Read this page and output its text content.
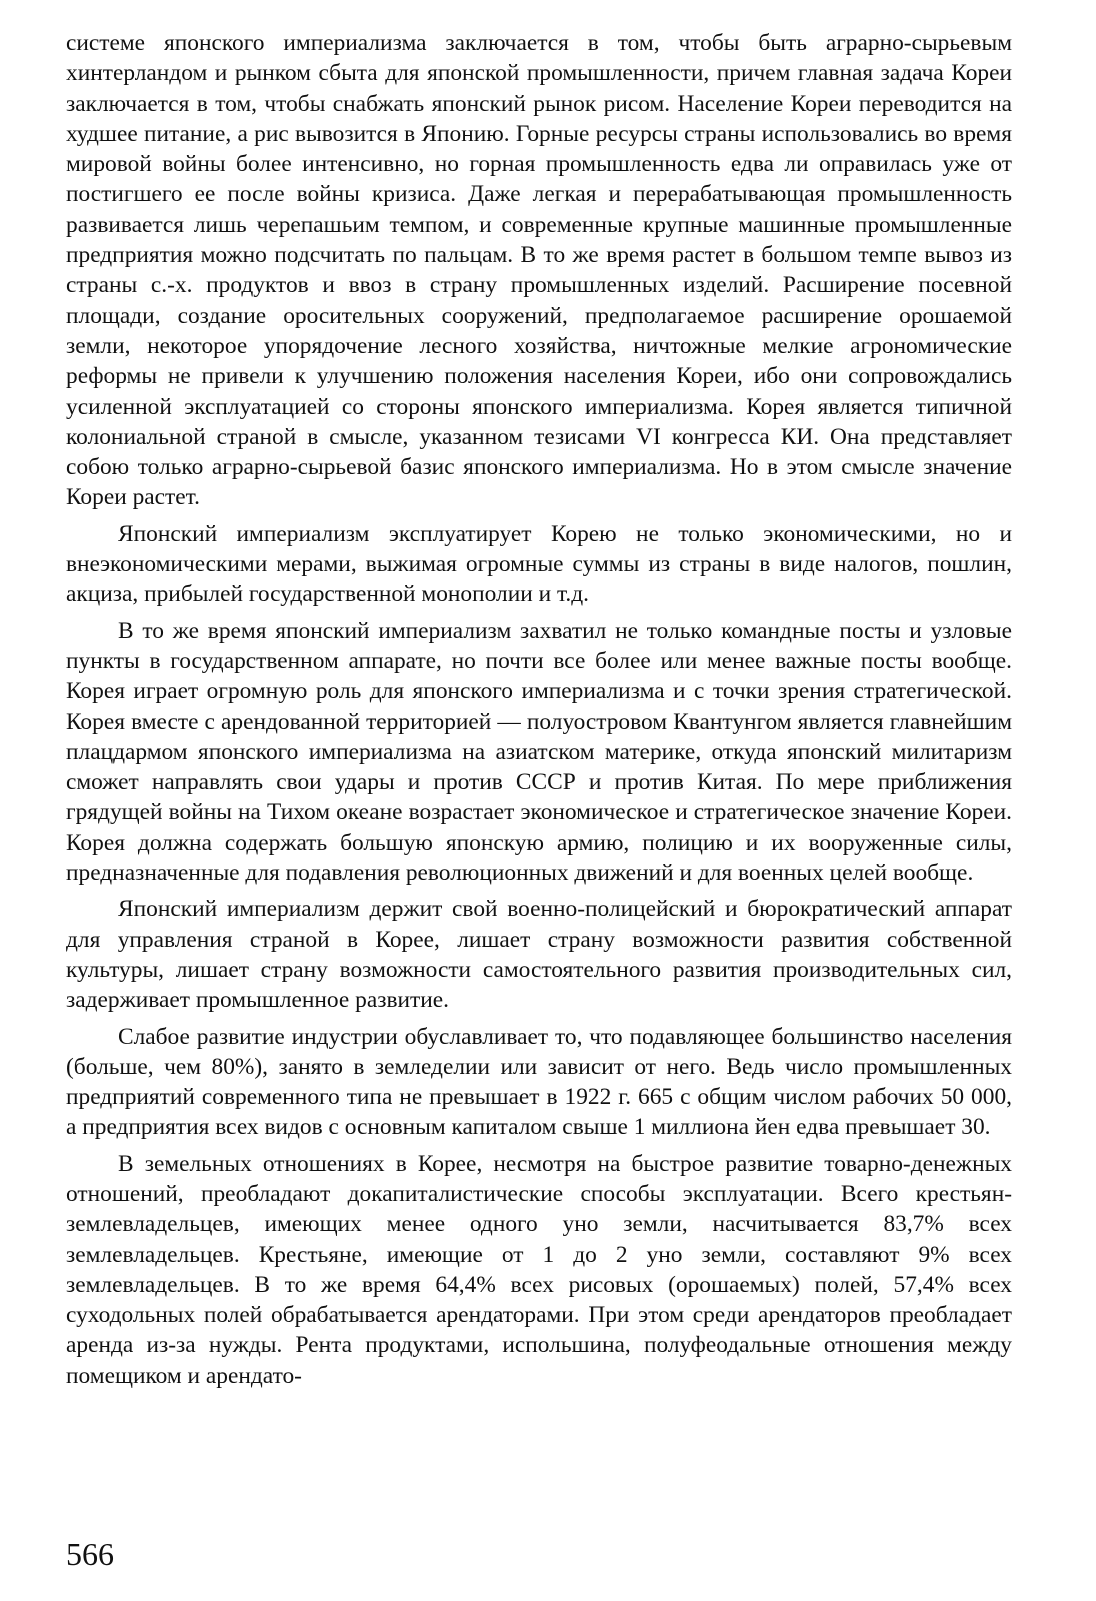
системе японского империализма заключается в том, чтобы быть аграрно-сырьевым хинтерландом и рынком сбыта для японской промышленности, причем главная задача Кореи заключается в том, чтобы снабжать японский рынок рисом. Население Кореи переводится на худшее питание, а рис вывозится в Японию. Горные ресурсы страны использовались во время мировой войны более интенсивно, но горная промышленность едва ли оправилась уже от постигшего ее после войны кризиса. Даже легкая и перерабатывающая промышленность развивается лишь черепашьим темпом, и современные крупные машинные промышленные предприятия можно подсчитать по пальцам. В то же время растет в большом темпе вывоз из страны с.-х. продуктов и ввоз в страну промышленных изделий. Расширение посевной площади, создание оросительных сооружений, предполагаемое расширение орошаемой земли, некоторое упорядочение лесного хозяйства, ничтожные мелкие агрономические реформы не привели к улучшению положения населения Кореи, ибо они сопровождались усиленной эксплуатацией со стороны японского империализма. Корея является типичной колониальной страной в смысле, указанном тезисами VI конгресса КИ. Она представляет собою только аграрно-сырьевой базис японского империализма. Но в этом смысле значение Кореи растет.

Японский империализм эксплуатирует Корею не только экономическими, но и внеэкономическими мерами, выжимая огромные суммы из страны в виде налогов, пошлин, акциза, прибылей государственной монополии и т.д.

В то же время японский империализм захватил не только командные посты и узловые пункты в государственном аппарате, но почти все более или менее важные посты вообще. Корея играет огромную роль для японского империализма и с точки зрения стратегической. Корея вместе с арендованной территорией — полуостровом Квантунгом является главнейшим плацдармом японского империализма на азиатском материке, откуда японский милитаризм сможет направлять свои удары и против СССР и против Китая. По мере приближения грядущей войны на Тихом океане возрастает экономическое и стратегическое значение Кореи. Корея должна содержать большую японскую армию, полицию и их вооруженные силы, предназначенные для подавления революционных движений и для военных целей вообще.

Японский империализм держит свой военно-полицейский и бюрократический аппарат для управления страной в Корее, лишает страну возможности развития собственной культуры, лишает страну возможности самостоятельного развития производительных сил, задерживает промышленное развитие.

Слабое развитие индустрии обуславливает то, что подавляющее большинство населения (больше, чем 80%), занято в земледелии или зависит от него. Ведь число промышленных предприятий современного типа не превышает в 1922 г. 665 с общим числом рабочих 50 000, а предприятия всех видов с основным капиталом свыше 1 миллиона йен едва превышает 30.

В земельных отношениях в Корее, несмотря на быстрое развитие товарно-денежных отношений, преобладают докапиталистические способы эксплуатации. Всего крестьян-землевладельцев, имеющих менее одного уно земли, насчитывается 83,7% всех землевладельцев. Крестьяне, имеющие от 1 до 2 уно земли, составляют 9% всех землевладельцев. В то же время 64,4% всех рисовых (орошаемых) полей, 57,4% всех суходольных полей обрабатывается арендаторами. При этом среди арендаторов преобладает аренда из-за нужды. Рента продуктами, испольшина, полуфеодальные отношения между помещиком и арендато-

566
